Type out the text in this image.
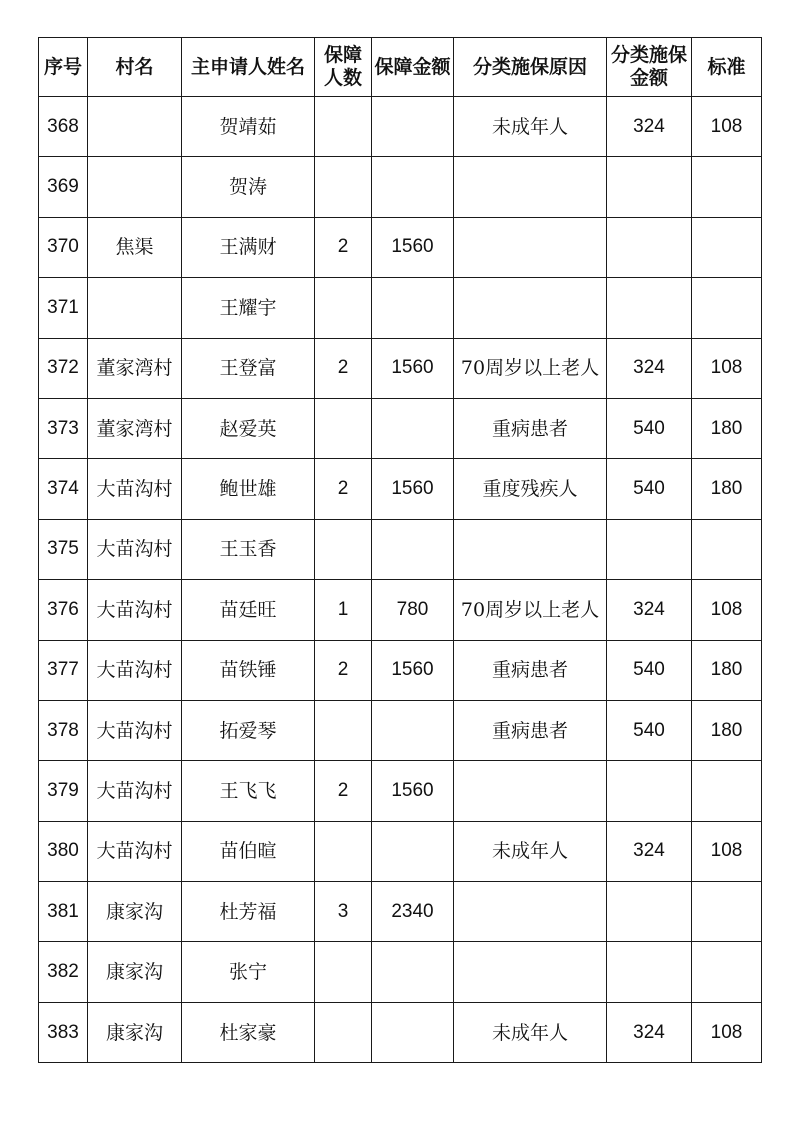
序号	村名	主申请人姓名	保障人数	保障金额	分类施保原因	分类施保金额	标准
368		贺靖茹			未成年人	324	108
369		贺涛					
370	焦渠	王满财	2	1560			
371		王耀宇					
372	董家湾村	王登富	2	1560	70周岁以上老人	324	108
373	董家湾村	赵爱英			重病患者	540	180
374	大苗沟村	鲍世雄	2	1560	重度残疾人	540	180
375	大苗沟村	王玉香					
376	大苗沟村	苗廷旺	1	780	70周岁以上老人	324	108
377	大苗沟村	苗铁锤	2	1560	重病患者	540	180
378	大苗沟村	拓爱琴			重病患者	540	180
379	大苗沟村	王飞飞	2	1560			
380	大苗沟村	苗伯暄			未成年人	324	108
381	康家沟	杜芳福	3	2340			
382	康家沟	张宁					
383	康家沟	杜家豪			未成年人	324	108
